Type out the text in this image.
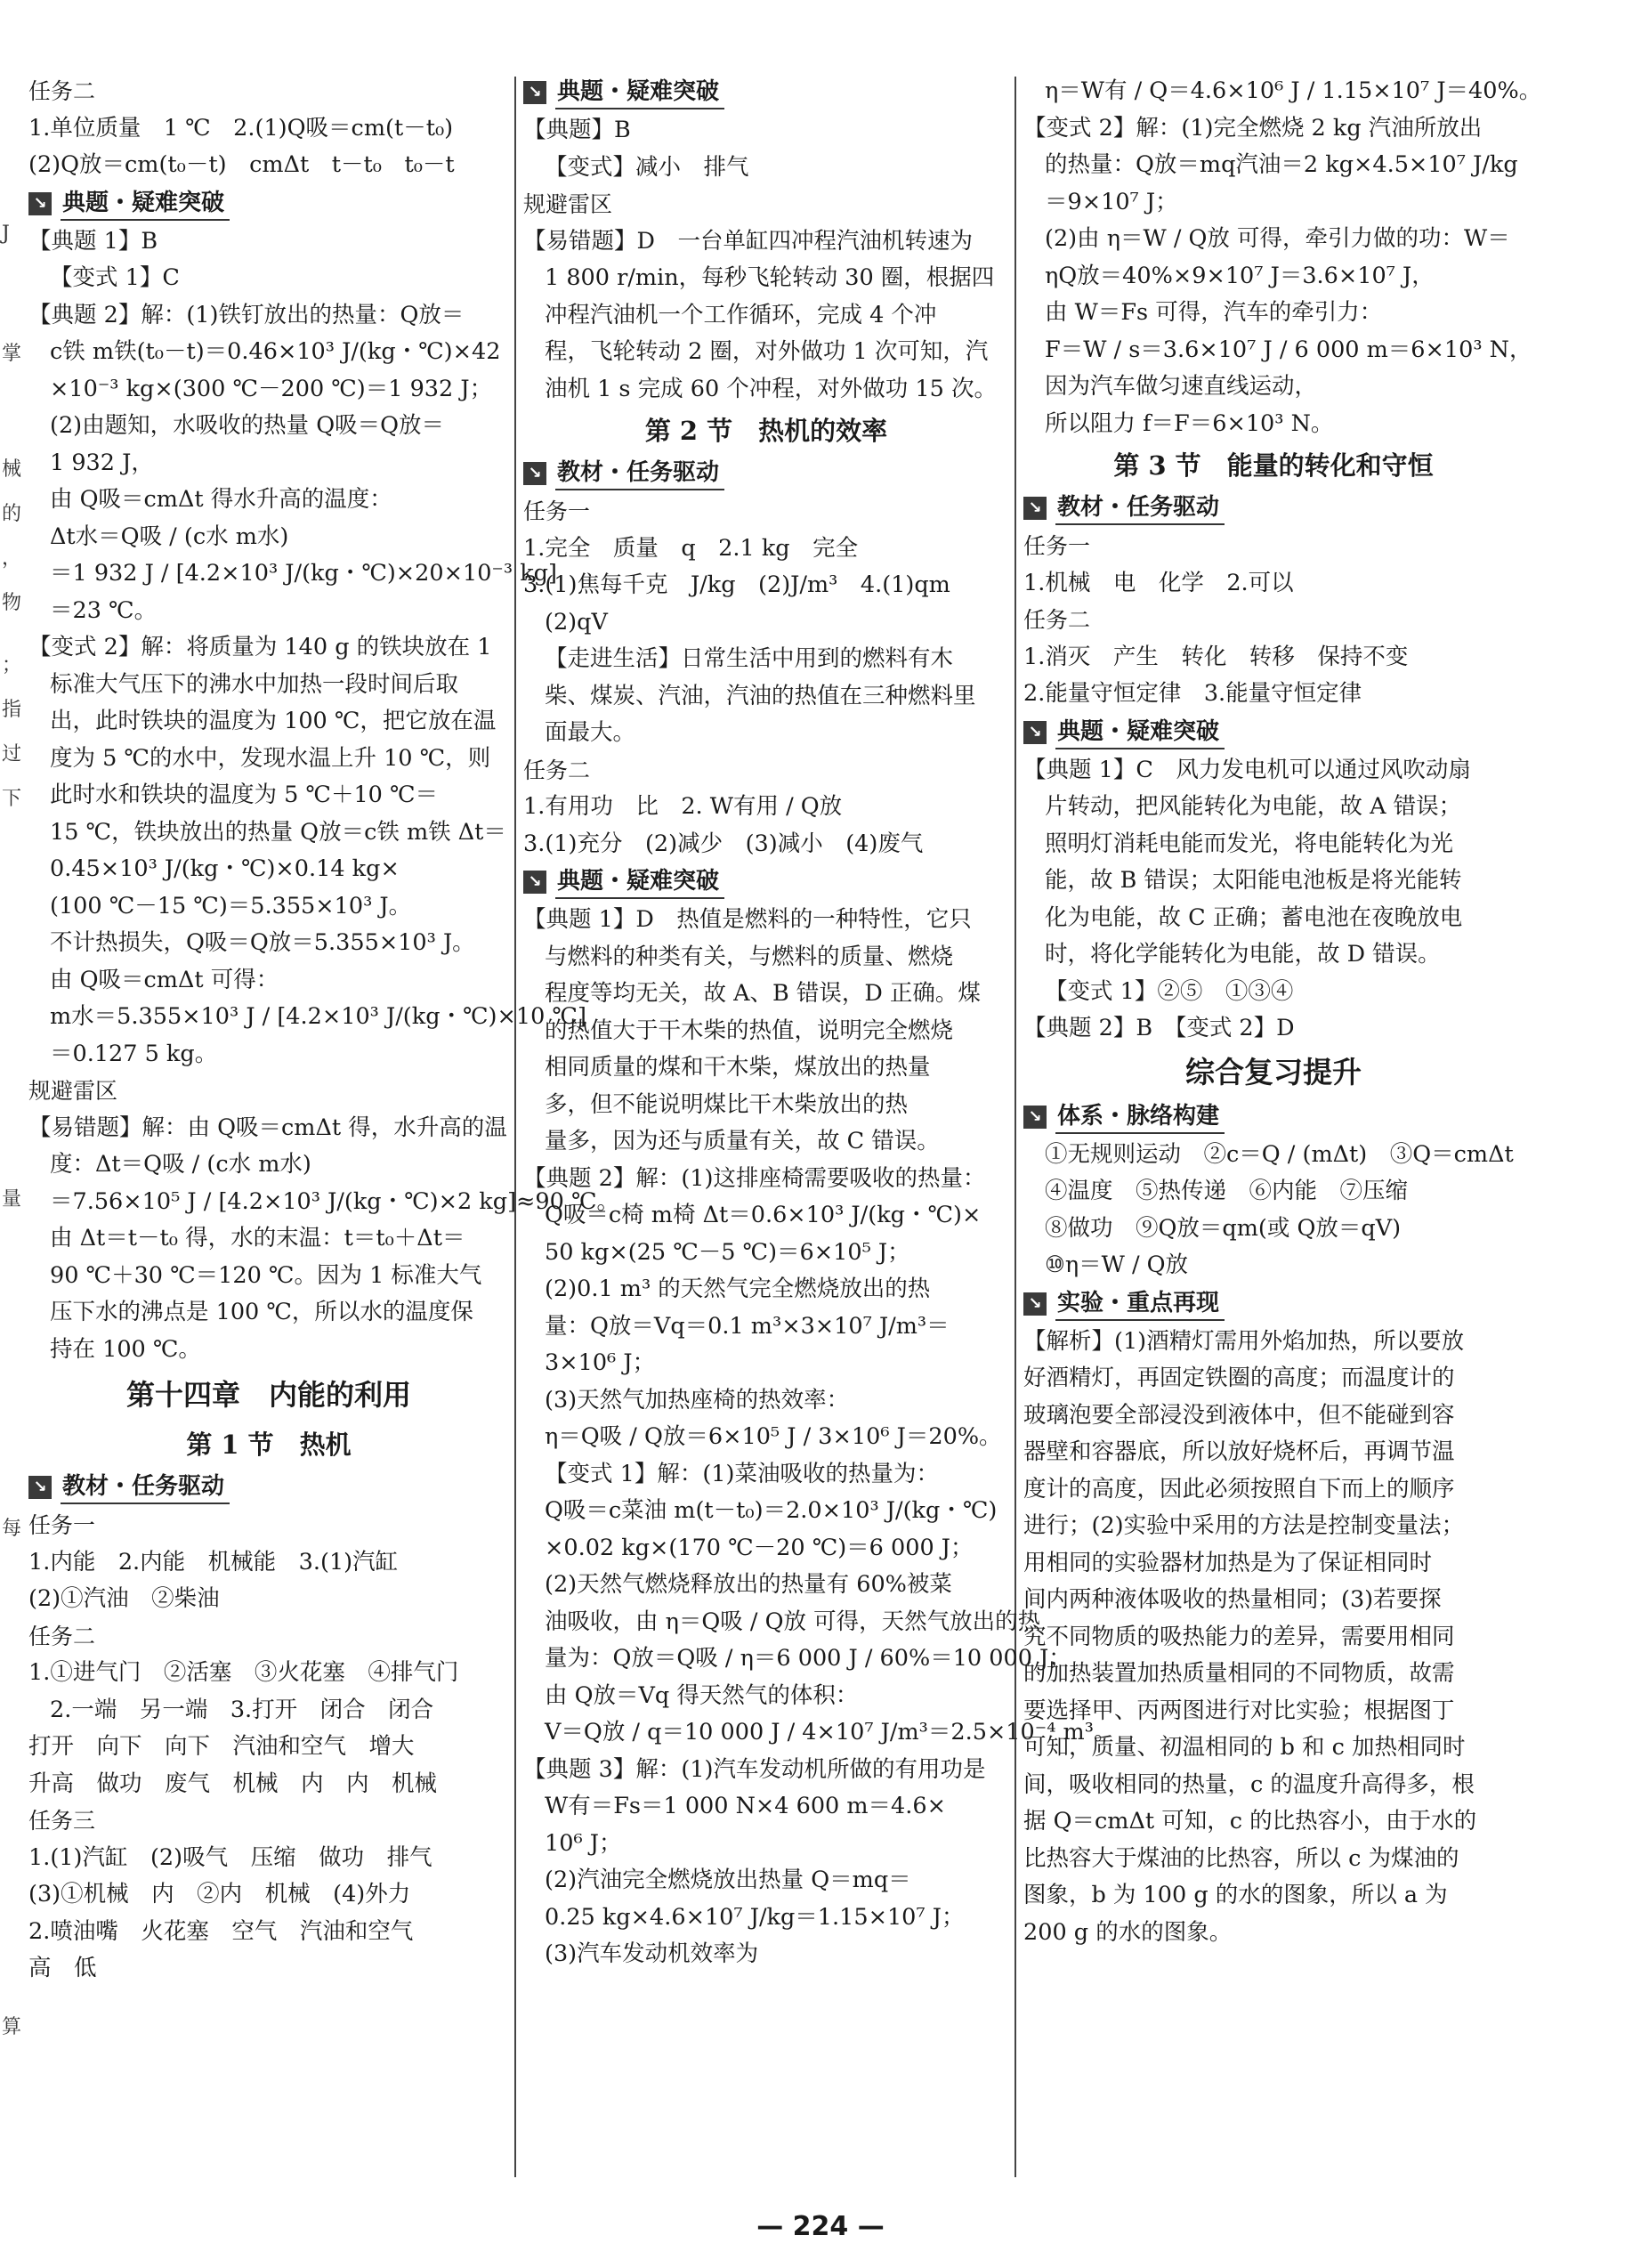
J
掌
械
的
，
物
；
指
过
下
量
每
算
任务二
1.单位质量　1 ℃　2.(1)Q吸＝cm(t－t₀)
(2)Q放＝cm(t₀－t)　cmΔt　t－t₀　t₀－t
↘ 典题・疑难突破
【典题 1】B
【变式 1】C
【典题 2】解：(1)铁钉放出的热量：Q放＝
c铁 m铁(t₀－t)＝0.46×10³ J/(kg・℃)×42
×10⁻³ kg×(300 ℃－200 ℃)＝1 932 J；
(2)由题知，水吸收的热量 Q吸＝Q放＝
1 932 J，
由 Q吸＝cmΔt 得水升高的温度：
Δt水＝Q吸 / (c水 m水)
＝1 932 J / [4.2×10³ J/(kg・℃)×20×10⁻³ kg]
＝23 ℃。
【变式 2】解：将质量为 140 g 的铁块放在 1
标准大气压下的沸水中加热一段时间后取
出，此时铁块的温度为 100 ℃，把它放在温
度为 5 ℃的水中，发现水温上升 10 ℃，则
此时水和铁块的温度为 5 ℃＋10 ℃＝
15 ℃，铁块放出的热量 Q放＝c铁 m铁 Δt＝
0.45×10³ J/(kg・℃)×0.14 kg×
(100 ℃－15 ℃)＝5.355×10³ J。
不计热损失，Q吸＝Q放＝5.355×10³ J。
由 Q吸＝cmΔt 可得：
m水＝5.355×10³ J / [4.2×10³ J/(kg・℃)×10 ℃]
＝0.127 5 kg。
规避雷区
【易错题】解：由 Q吸＝cmΔt 得，水升高的温
度：Δt＝Q吸 / (c水 m水)
＝7.56×10⁵ J / [4.2×10³ J/(kg・℃)×2 kg]≈90 ℃。
由 Δt＝t－t₀ 得，水的末温：t＝t₀＋Δt＝
90 ℃＋30 ℃＝120 ℃。因为 1 标准大气
压下水的沸点是 100 ℃，所以水的温度保
持在 100 ℃。
第十四章　内能的利用
第 1 节　热机
↘ 教材・任务驱动
任务一
1.内能　2.内能　机械能　3.(1)汽缸
(2)①汽油　②柴油
任务二
1.①进气门　②活塞　③火花塞　④排气门
2.一端　另一端　3.打开　闭合　闭合
打开　向下　向下　汽油和空气　增大
升高　做功　废气　机械　内　内　机械
任务三
1.(1)汽缸　(2)吸气　压缩　做功　排气
(3)①机械　内　②内　机械　(4)外力
2.喷油嘴　火花塞　空气　汽油和空气
高　低
↘ 典题・疑难突破
【典题】B
【变式】减小　排气
规避雷区
【易错题】D　一台单缸四冲程汽油机转速为
1 800 r/min，每秒飞轮转动 30 圈，根据四
冲程汽油机一个工作循环，完成 4 个冲
程，飞轮转动 2 圈，对外做功 1 次可知，汽
油机 1 s 完成 60 个冲程，对外做功 15 次。
第 2 节　热机的效率
↘ 教材・任务驱动
任务一
1.完全　质量　q　2.1 kg　完全
3.(1)焦每千克　J/kg　(2)J/m³　4.(1)qm
(2)qV
【走进生活】日常生活中用到的燃料有木
柴、煤炭、汽油，汽油的热值在三种燃料里
面最大。
任务二
1.有用功　比　2. W有用 / Q放
3.(1)充分　(2)减少　(3)减小　(4)废气
↘ 典题・疑难突破
【典题 1】D　热值是燃料的一种特性，它只
与燃料的种类有关，与燃料的质量、燃烧
程度等均无关，故 A、B 错误，D 正确。煤
的热值大于干木柴的热值，说明完全燃烧
相同质量的煤和干木柴，煤放出的热量
多，但不能说明煤比干木柴放出的热
量多，因为还与质量有关，故 C 错误。
【典题 2】解：(1)这排座椅需要吸收的热量：
Q吸＝c椅 m椅 Δt＝0.6×10³ J/(kg・℃)×
50 kg×(25 ℃－5 ℃)＝6×10⁵ J；
(2)0.1 m³ 的天然气完全燃烧放出的热
量：Q放＝Vq＝0.1 m³×3×10⁷ J/m³＝
3×10⁶ J；
(3)天然气加热座椅的热效率：
η＝Q吸 / Q放＝6×10⁵ J / 3×10⁶ J＝20%。
【变式 1】解：(1)菜油吸收的热量为：
Q吸＝c菜油 m(t－t₀)＝2.0×10³ J/(kg・℃)
×0.02 kg×(170 ℃－20 ℃)＝6 000 J；
(2)天然气燃烧释放出的热量有 60%被菜
油吸收，由 η＝Q吸 / Q放 可得，天然气放出的热
量为：Q放＝Q吸 / η＝6 000 J / 60%＝10 000 J；
由 Q放＝Vq 得天然气的体积：
V＝Q放 / q＝10 000 J / 4×10⁷ J/m³＝2.5×10⁻⁴ m³。
【典题 3】解：(1)汽车发动机所做的有用功是
W有＝Fs＝1 000 N×4 600 m＝4.6×
10⁶ J；
(2)汽油完全燃烧放出热量 Q＝mq＝
0.25 kg×4.6×10⁷ J/kg＝1.15×10⁷ J；
(3)汽车发动机效率为
η＝W有 / Q＝4.6×10⁶ J / 1.15×10⁷ J＝40%。
【变式 2】解：(1)完全燃烧 2 kg 汽油所放出
的热量：Q放＝mq汽油＝2 kg×4.5×10⁷ J/kg
＝9×10⁷ J；
(2)由 η＝W / Q放 可得，牵引力做的功：W＝
ηQ放＝40%×9×10⁷ J＝3.6×10⁷ J，
由 W＝Fs 可得，汽车的牵引力：
F＝W / s＝3.6×10⁷ J / 6 000 m＝6×10³ N，
因为汽车做匀速直线运动，
所以阻力 f＝F＝6×10³ N。
第 3 节　能量的转化和守恒
↘ 教材・任务驱动
任务一
1.机械　电　化学　2.可以
任务二
1.消灭　产生　转化　转移　保持不变
2.能量守恒定律　3.能量守恒定律
↘ 典题・疑难突破
【典题 1】C　风力发电机可以通过风吹动扇
片转动，把风能转化为电能，故 A 错误；
照明灯消耗电能而发光，将电能转化为光
能，故 B 错误；太阳能电池板是将光能转
化为电能，故 C 正确；蓄电池在夜晚放电
时，将化学能转化为电能，故 D 错误。
【变式 1】②⑤　①③④
【典题 2】B　【变式 2】D
综合复习提升
↘ 体系・脉络构建
①无规则运动　②c＝Q / (mΔt)　③Q＝cmΔt
④温度　⑤热传递　⑥内能　⑦压缩
⑧做功　⑨Q放＝qm(或 Q放＝qV)
⑩η＝W / Q放
↘ 实验・重点再现
【解析】(1)酒精灯需用外焰加热，所以要放
好酒精灯，再固定铁圈的高度；而温度计的
玻璃泡要全部浸没到液体中，但不能碰到容
器壁和容器底，所以放好烧杯后，再调节温
度计的高度，因此必须按照自下而上的顺序
进行；(2)实验中采用的方法是控制变量法；
用相同的实验器材加热是为了保证相同时
间内两种液体吸收的热量相同；(3)若要探
究不同物质的吸热能力的差异，需要用相同
的加热装置加热质量相同的不同物质，故需
要选择甲、丙两图进行对比实验；根据图丁
可知，质量、初温相同的 b 和 c 加热相同时
间，吸收相同的热量，c 的温度升高得多，根
据 Q＝cmΔt 可知，c 的比热容小，由于水的
比热容大于煤油的比热容，所以 c 为煤油的
图象，b 为 100 g 的水的图象，所以 a 为
200 g 的水的图象。
— 224 —
